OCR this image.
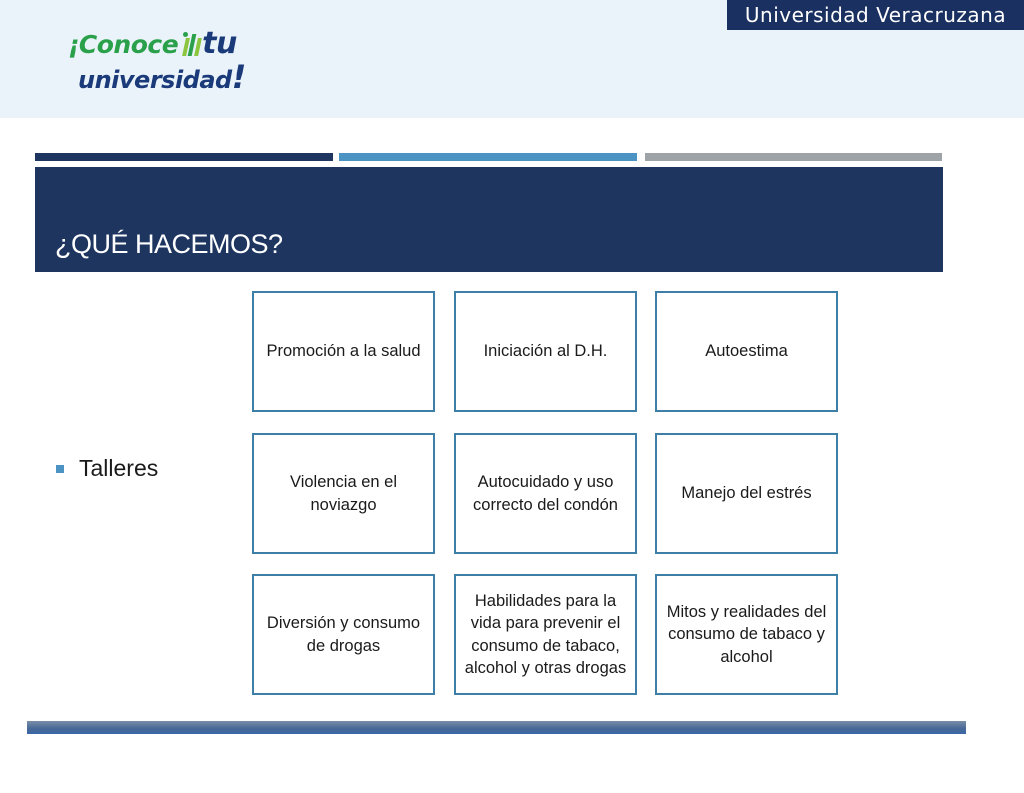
Universidad Veracruzana
¡Conoce tu
universidad!
¿QUÉ HACEMOS?
Talleres
Promoción a la salud	Iniciación al D.H.	Autoestima
Violencia en el noviazgo
Autocuidado y uso correcto del condón
Manejo del estrés
Diversión y consumo de drogas
Habilidades para la vida para prevenir el consumo de tabaco, alcohol y otras drogas
Mitos y realidades del consumo de tabaco y alcohol
